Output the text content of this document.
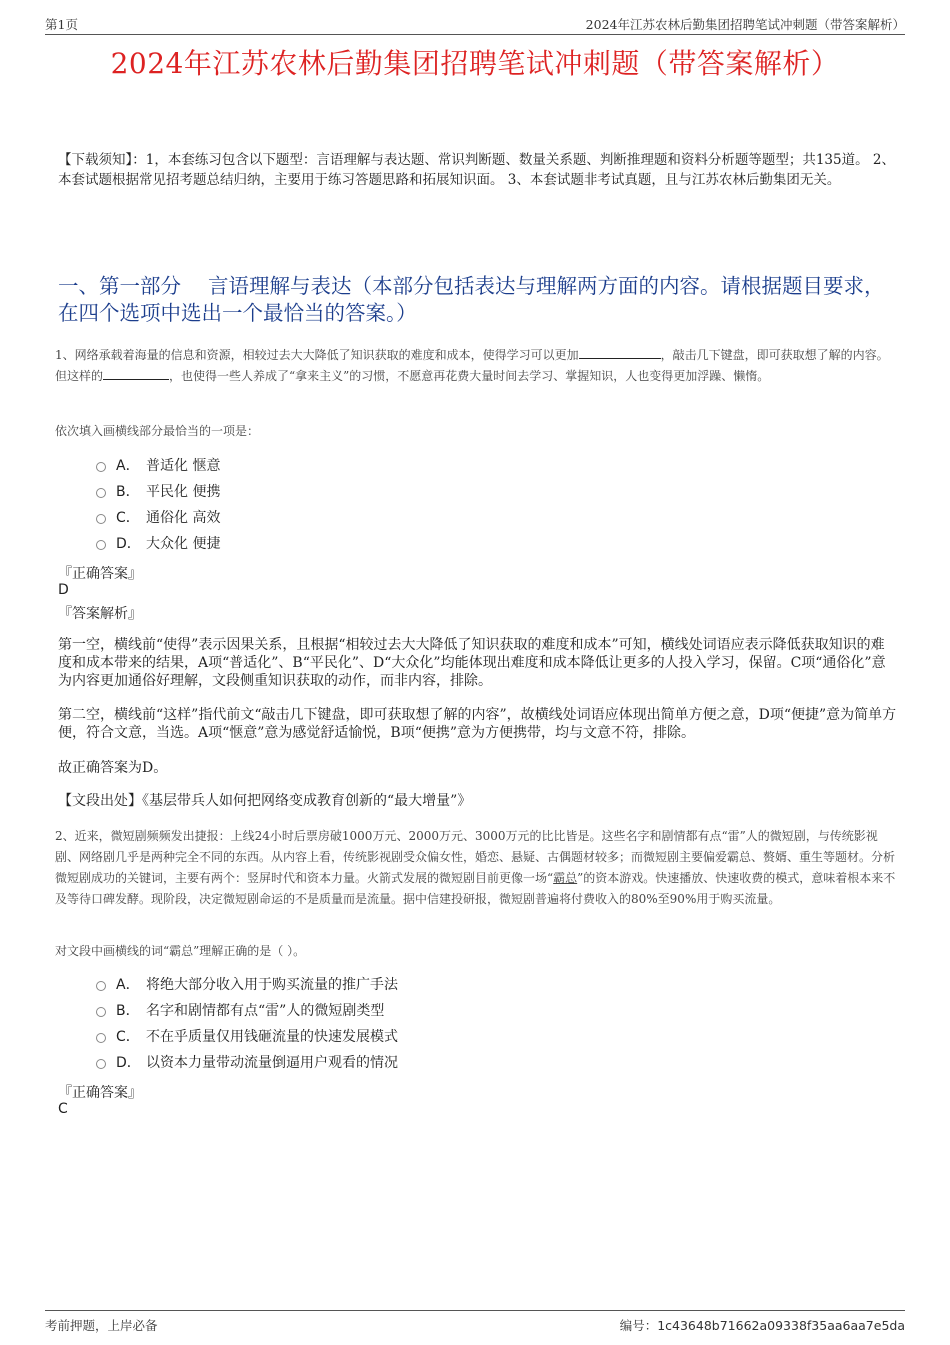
第1页	2024年江苏农林后勤集团招聘笔试冲刺题（带答案解析）
2024年江苏农林后勤集团招聘笔试冲刺题（带答案解析）

【下载须知】：1，本套练习包含以下题型：言语理解与表达题、常识判断题、数量关系题、判断推理题和资料分析题等题型；共135道。 2、本套试题根据常见招考题总结归纳，主要用于练习答题思路和拓展知识面。 3、本套试题非考试真题，且与江苏农林后勤集团无关。

一、第一部分　 言语理解与表达（本部分包括表达与理解两方面的内容。请根据题目要求，在四个选项中选出一个最恰当的答案。）

1、网络承载着海量的信息和资源，相较过去大大降低了知识获取的难度和成本，使得学习可以更加	，敲击几下键盘，即可获取想了解的内容。但这样的	，也使得一些人养成了“拿来主义”的习惯，不愿意再花费大量时间去学习、掌握知识，人也变得更加浮躁、懒惰。

依次填入画横线部分最恰当的一项是：

A． 普适化 惬意
B． 平民化 便携
C． 通俗化 高效
D． 大众化 便捷

『正确答案』

D

『答案解析』

第一空，横线前“使得”表示因果关系，且根据“相较过去大大降低了知识获取的难度和成本”可知，横线处词语应表示降低获取知识的难度和成本带来的结果，A项“普适化”、B“平民化”、D“大众化”均能体现出难度和成本降低让更多的人投入学习，保留。C项“通俗化”意为内容更加通俗好理解，文段侧重知识获取的动作，而非内容，排除。

第二空，横线前“这样”指代前文“敲击几下键盘，即可获取想了解的内容”，故横线处词语应体现出简单方便之意，D项“便捷”意为简单方便，符合文意，当选。A项“惬意”意为感觉舒适愉悦，B项“便携”意为方便携带，均与文意不符，排除。

故正确答案为D。

【文段出处】《基层带兵人如何把网络变成教育创新的“最大增量”》

2、近来，微短剧频频发出捷报：上线24小时后票房破1000万元、2000万元、3000万元的比比皆是。这些名字和剧情都有点“雷”人的微短剧，与传统影视剧、网络剧几乎是两种完全不同的东西。从内容上看，传统影视剧受众偏女性，婚恋、悬疑、古偶题材较多；而微短剧主要偏爱霸总、赘婿、重生等题材。分析微短剧成功的关键词，主要有两个：竖屏时代和资本力量。火箭式发展的微短剧目前更像一场“霸总”的资本游戏。快速播放、快速收费的模式，意味着根本来不及等待口碑发酵。现阶段，决定微短剧命运的不是质量而是流量。据中信建投研报，微短剧普遍将付费收入的80%至90%用于购买流量。

对文段中画横线的词“霸总”理解正确的是（ ）。

A． 将绝大部分收入用于购买流量的推广手法
B． 名字和剧情都有点“雷”人的微短剧类型
C． 不在乎质量仅用钱砸流量的快速发展模式
D． 以资本力量带动流量倒逼用户观看的情况

『正确答案』

C

考前押题，上岸必备	编号：1c43648b71662a09338f35aa6aa7e5da
